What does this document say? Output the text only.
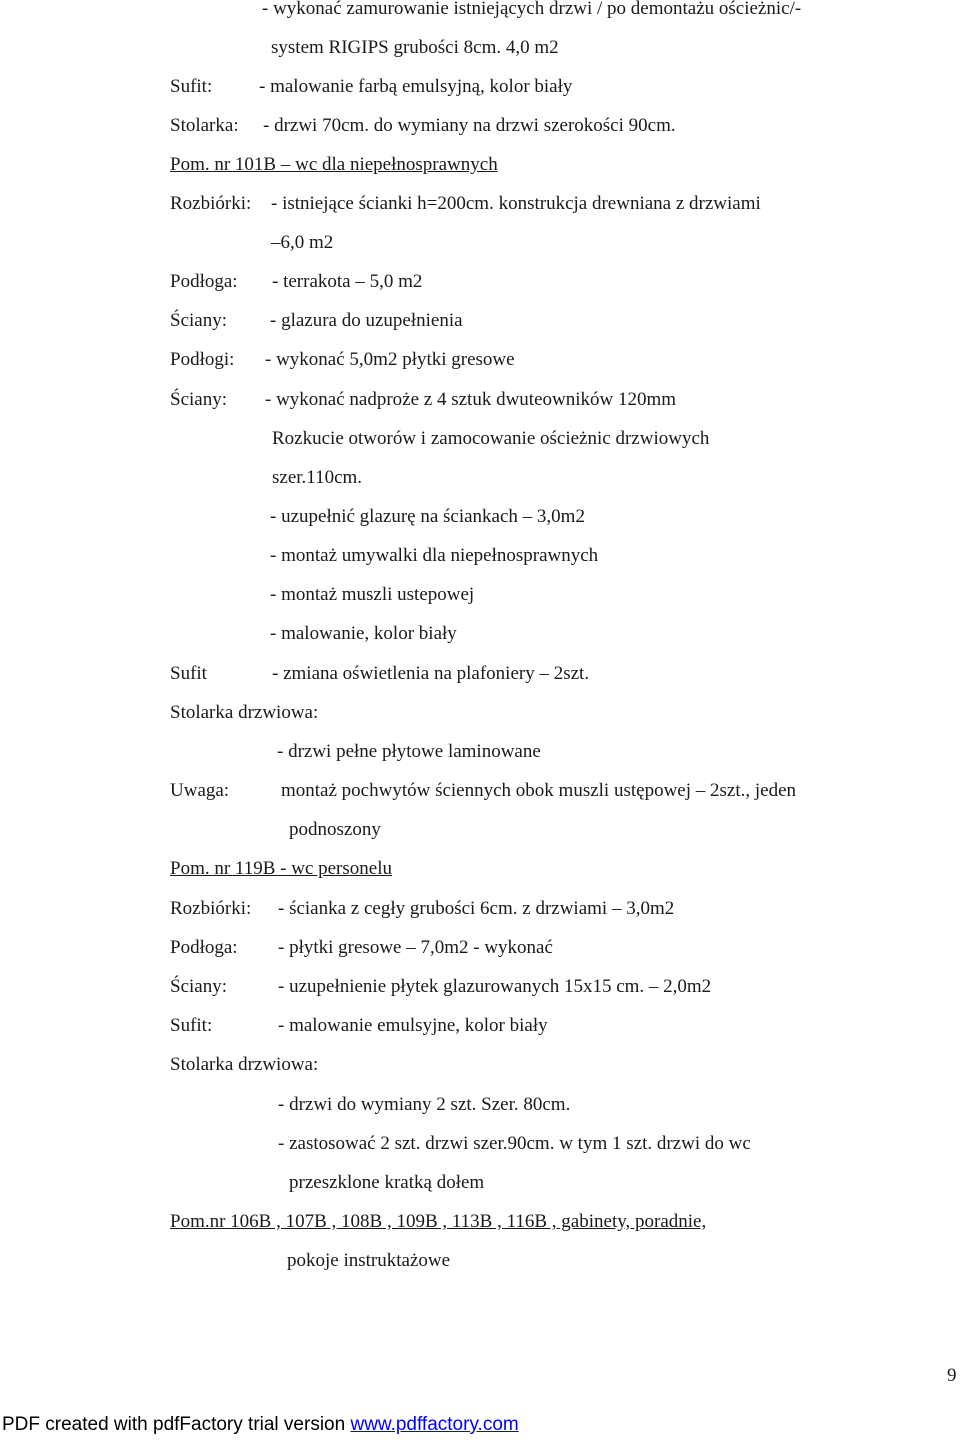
- wykonać zamurowanie istniejących drzwi / po demontażu ościeżnic/-
system RIGIPS grubości 8cm. 4,0 m2
Sufit: - malowanie farbą emulsyjną, kolor biały
Stolarka: - drzwi 70cm. do wymiany na drzwi szerokości 90cm.
Pom. nr 101B – wc dla niepełnosprawnych
Rozbiórki: - istniejące ścianki h=200cm. konstrukcja drewniana z drzwiami
–6,0 m2
Podłoga: - terrakota – 5,0 m2
Ściany: - glazura do uzupełnienia
Podłogi: - wykonać 5,0m2 płytki gresowe
Ściany: - wykonać nadproże z 4 sztuk dwuteowników 120mm
Rozkucie otworów i zamocowanie ościeżnic drzwiowych
szer.110cm.
- uzupełnić glazurę na ściankach – 3,0m2
- montaż umywalki dla niepełnosprawnych
- montaż muszli ustepowej
- malowanie, kolor biały
Sufit	- zmiana oświetlenia na plafoniery – 2szt.
Stolarka drzwiowa:
- drzwi pełne płytowe laminowane
Uwaga:	montaż pochwytów ściennych obok muszli ustępowej – 2szt., jeden
podnoszony
Pom. nr 119B - wc personelu
Rozbiórki: - ścianka z cegły grubości 6cm. z drzwiami – 3,0m2
Podłoga: - płytki gresowe – 7,0m2 - wykonać
Ściany:	- uzupełnienie płytek glazurowanych 15x15 cm. – 2,0m2
Sufit:	- malowanie emulsyjne, kolor biały
Stolarka drzwiowa:
- drzwi do wymiany 2 szt. Szer. 80cm.
- zastosować 2 szt. drzwi szer.90cm. w tym 1 szt. drzwi do wc
przeszklone kratką dołem
Pom.nr 106B , 107B , 108B , 109B , 113B , 116B , gabinety, poradnie,
pokoje instruktażowe
9
PDF created with pdfFactory trial version www.pdffactory.com
